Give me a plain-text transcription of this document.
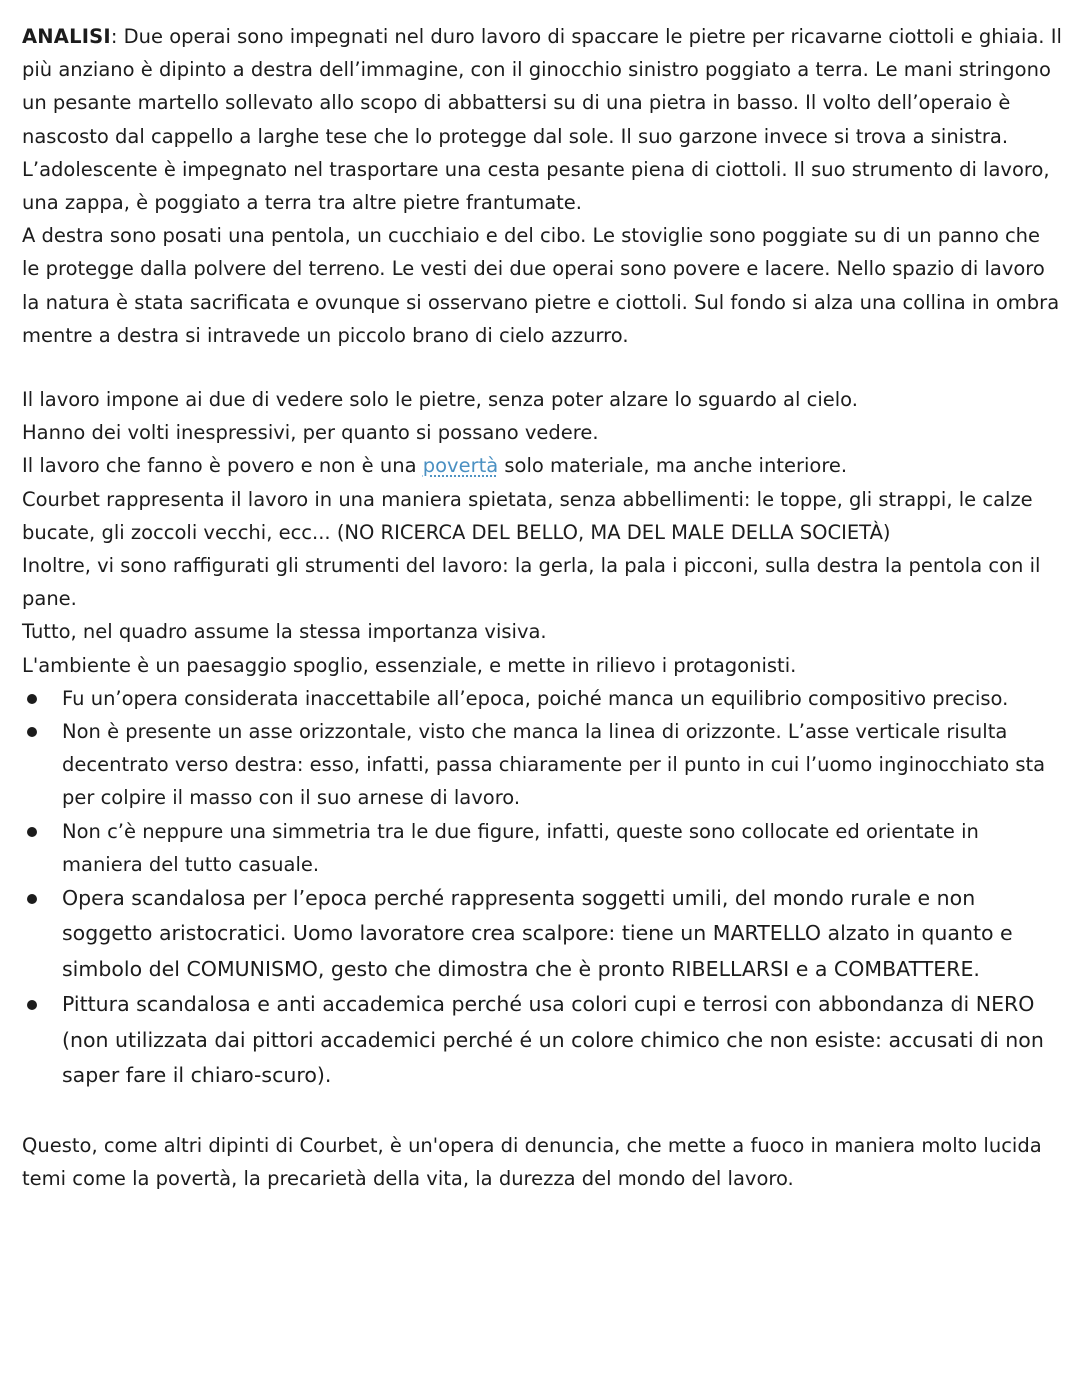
ANALISI: Due operai sono impegnati nel duro lavoro di spaccare le pietre per ricavarne ciottoli e ghiaia. Il più anziano è dipinto a destra dell’immagine, con il ginocchio sinistro poggiato a terra. Le mani stringono un pesante martello sollevato allo scopo di abbattersi su di una pietra in basso. Il volto dell’operaio è nascosto dal cappello a larghe tese che lo protegge dal sole. Il suo garzone invece si trova a sinistra. L’adolescente è impegnato nel trasportare una cesta pesante piena di ciottoli. Il suo strumento di lavoro, una zappa, è poggiato a terra tra altre pietre frantumate.

A destra sono posati una pentola, un cucchiaio e del cibo. Le stoviglie sono poggiate su di un panno che le protegge dalla polvere del terreno. Le vesti dei due operai sono povere e lacere. Nello spazio di lavoro la natura è stata sacrificata e ovunque si osservano pietre e ciottoli. Sul fondo si alza una collina in ombra mentre a destra si intravede un piccolo brano di cielo azzurro.

Il lavoro impone ai due di vedere solo le pietre, senza poter alzare lo sguardo al cielo.

Hanno dei volti inespressivi, per quanto si possano vedere.

Il lavoro che fanno è povero e non è una povertà solo materiale, ma anche interiore.

Courbet rappresenta il lavoro in una maniera spietata, senza abbellimenti: le toppe, gli strappi, le calze bucate, gli zoccoli vecchi, ecc... (NO RICERCA DEL BELLO, MA DEL MALE DELLA SOCIETÀ)

Inoltre, vi sono raffigurati gli strumenti del lavoro: la gerla, la pala i picconi, sulla destra la pentola con il pane.

Tutto, nel quadro assume la stessa importanza visiva.

L'ambiente è un paesaggio spoglio, essenziale, e mette in rilievo i protagonisti.

Fu un’opera considerata inaccettabile all’epoca, poiché manca un equilibrio compositivo preciso.
Non è presente un asse orizzontale, visto che manca la linea di orizzonte. L’asse verticale risulta decentrato verso destra: esso, infatti, passa chiaramente per il punto in cui l’uomo inginocchiato sta per colpire il masso con il suo arnese di lavoro.
Non c’è neppure una simmetria tra le due figure, infatti, queste sono collocate ed orientate in maniera del tutto casuale.
Opera scandalosa per l’epoca perché rappresenta soggetti umili, del mondo rurale e non soggetto aristocratici. Uomo lavoratore crea scalpore: tiene un MARTELLO alzato in quanto e simbolo del COMUNISMO, gesto che dimostra che è pronto RIBELLARSI e a COMBATTERE.
Pittura scandalosa e anti accademica perché usa colori cupi e terrosi con abbondanza di NERO (non utilizzata dai pittori accademici perché é un colore chimico che non esiste: accusati di non saper fare il chiaro-scuro).

Questo, come altri dipinti di Courbet, è un'opera di denuncia, che mette a fuoco in maniera molto lucida temi come la povertà, la precarietà della vita, la durezza del mondo del lavoro.
